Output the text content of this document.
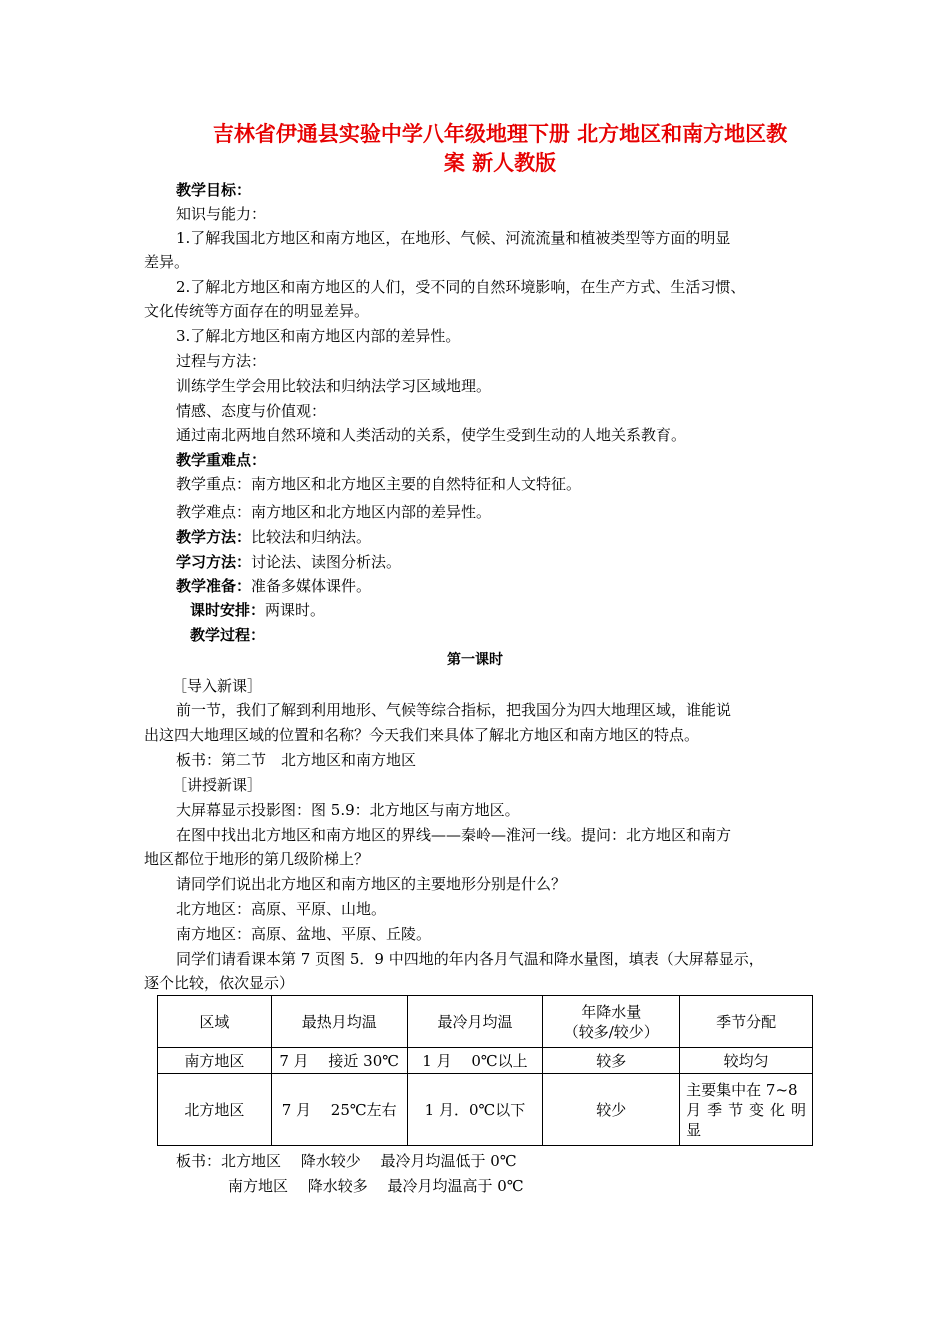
吉林省伊通县实验中学八年级地理下册 北方地区和南方地区教
案 新人教版
教学目标：
知识与能力：
1.了解我国北方地区和南方地区，在地形、气候、河流流量和植被类型等方面的明显
差异。
2.了解北方地区和南方地区的人们，受不同的自然环境影响，在生产方式、生活习惯、
文化传统等方面存在的明显差异。
3.了解北方地区和南方地区内部的差异性。
过程与方法：
训练学生学会用比较法和归纳法学习区域地理。
情感、态度与价值观：
通过南北两地自然环境和人类活动的关系，使学生受到生动的人地关系教育。
教学重难点：
教学重点：南方地区和北方地区主要的自然特征和人文特征。
教学难点：南方地区和北方地区内部的差异性。
教学方法：比较法和归纳法。
学习方法：讨论法、读图分析法。
教学准备：准备多媒体课件。
课时安排：两课时。
教学过程：
第一课时
［导入新课］
前一节，我们了解到利用地形、气候等综合指标，把我国分为四大地理区域，谁能说
出这四大地理区域的位置和名称？今天我们来具体了解北方地区和南方地区的特点。
板书：第二节　北方地区和南方地区
［讲授新课］
大屏幕显示投影图：图 5.9：北方地区与南方地区。
在图中找出北方地区和南方地区的界线——秦岭—淮河一线。提问：北方地区和南方
地区都位于地形的第几级阶梯上？
请同学们说出北方地区和南方地区的主要地形分别是什么？
北方地区：高原、平原、山地。
南方地区：高原、盆地、平原、丘陵。
同学们请看课本第 7 页图 5．9 中四地的年内各月气温和降水量图，填表（大屏幕显示，
逐个比较，依次显示）
区域	最热月均温	最冷月均温	年降水量
（较多/较少）	季节分配
南方地区	7 月　 接近 30℃	1 月　 0℃以上	较多	较均匀
北方地区	7 月　 25℃左右	1 月．0℃以下	较少	主要集中在 7~8
月季节变化明
显
板书：北方地区　 降水较少　 最冷月均温低于 0℃
南方地区　 降水较多　 最冷月均温高于 0℃
